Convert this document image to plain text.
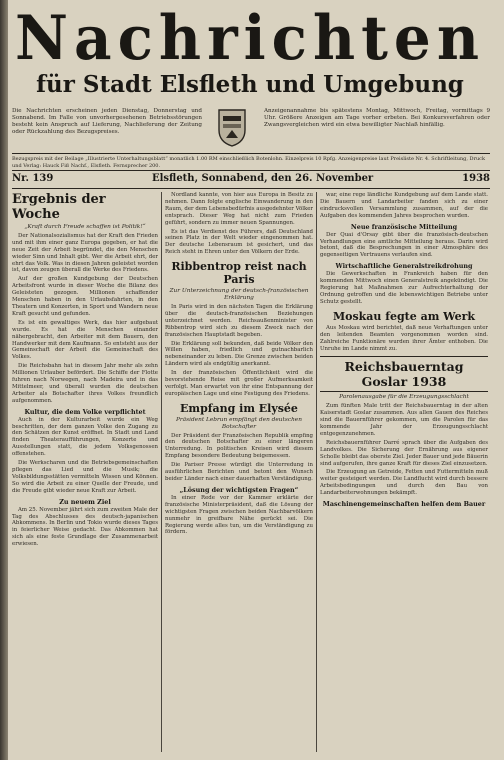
Nachrichten
für Stadt Elsfleth und Umgebung
Die Nachrichten erscheinen jeden Dienstag, Donnerstag und Sonnabend. Im Falle von unvorhergesehenen Betriebsstörungen besteht kein Anspruch auf Lieferung, Nachlieferung der Zeitung oder Rückzahlung des Bezugspreises.
Anzeigenannahme bis spätestens Montag, Mittwoch, Freitag, vormittags 9 Uhr. Größere Anzeigen am Tage vorher erbeten. Bei Konkursverfahren oder Zwangsvergleichen wird ein etwa bewilligter Nachlaß hinfällig.
Bezugspreis mit der Beilage „Illustrierte Unterhaltungsblatt“ monatlich 1.00 RM einschließlich Botenlohn. Einzelpreis 10 Rpfg. Anzeigenpreise laut Preisliste Nr. 4. Schriftleitung, Druck und Verlag: Hauck Fiß Nachf., Elsfleth. Fernsprecher 200.
Nr. 139	Elsfleth, Sonnabend, den 26. November	1938
Ergebnis der Woche
„Kraft durch Freude schaffen ist Politik!“

Der Nationalsozialismus hat der Kraft den Frieden und mit ihm einer ganz Europa gegeben, er hat die neue Zeit der Arbeit begründet, die den Menschen wieder Sinn und Inhalt gibt. Wer die Arbeit ehrt, der ehrt das Volk. Was in diesen Jahren geleistet worden ist, davon zeugen überall die Werke des Friedens.

Auf der großen Kundgebung der Deutschen Arbeitsfront wurde in dieser Woche die Bilanz des Geleisteten gezogen. Millionen schaffender Menschen haben in den Urlaubsfahrten, in den Theatern und Konzerten, in Sport und Wandern neue Kraft gesucht und gefunden.

Es ist ein gewaltiges Werk, das hier aufgebaut wurde. Es hat die Menschen einander nähergebracht, den Arbeiter mit dem Bauern, den Handwerker mit dem Kaufmann. So entsteht aus der Gemeinschaft der Arbeit die Gemeinschaft des Volkes.

Die Reichsbahn hat in diesem Jahr mehr als zehn Millionen Urlauber befördert. Die Schiffe der Flotte fuhren nach Norwegen, nach Madeira und in das Mittelmeer, und überall wurden die deutschen Arbeiter als Botschafter ihres Volkes freundlich aufgenommen.

Kultur, die dem Volke verpflichtet

Auch in der Kulturarbeit wurde ein Weg beschritten, der dem ganzen Volke den Zugang zu den Schätzen der Kunst eröffnet. In Stadt und Land finden Theateraufführungen, Konzerte und Ausstellungen statt, die jedem Volksgenossen offenstehen.

Die Werkscharen und die Betriebsgemeinschaften pflegen das Lied und die Musik; die Volksbildungsstätten vermitteln Wissen und Können. So wird die Arbeit zu einer Quelle der Freude, und die Freude gibt wieder neue Kraft zur Arbeit.

Zu neuem Ziel

Am 25. November jährt sich zum zweiten Male der Tag des Abschlusses des deutsch-japanischen Abkommens. In Berlin und Tokio wurde dieses Tages in feierlicher Weise gedacht. Das Abkommen hat sich als eine feste Grundlage der Zusammenarbeit erwiesen.

Nordland kannte, von hier aus Europa in Besitz zu nehmen. Dann folgte englische Einwanderung in den Raum, der dem Lebensbedürfnis ausgedehnter Völker entsprach. Dieser Weg hat nicht zum Frieden geführt, sondern zu immer neuen Spannungen.

Es ist das Verdienst des Führers, daß Deutschland seinen Platz in der Welt wieder eingenommen hat. Der deutsche Lebensraum ist gesichert, und das Reich steht in Ehren unter den Völkern der Erde.

Ribbentrop reist nach Paris
Zur Unterzeichnung der deutsch-französischen Erklärung

In Paris wird in den nächsten Tagen die Erklärung über die deutsch-französischen Beziehungen unterzeichnet werden. Reichsaußenminister von Ribbentrop wird sich zu diesem Zweck nach der französischen Hauptstadt begeben.

Die Erklärung soll bekunden, daß beide Völker den Willen haben, friedlich und gutnachbarlich nebeneinander zu leben. Die Grenze zwischen beiden Ländern wird als endgültig anerkannt.

In der französischen Öffentlichkeit wird die bevorstehende Reise mit großer Aufmerksamkeit verfolgt. Man erwartet von ihr eine Entspannung der europäischen Lage und eine Festigung des Friedens.

Empfang im Elysée
Präsident Lebrun empfängt den deutschen Botschafter

Der Präsident der Französischen Republik empfing den deutschen Botschafter zu einer längeren Unterredung. In politischen Kreisen wird diesem Empfang besondere Bedeutung beigemessen.

Die Pariser Presse würdigt die Unterredung in ausführlichen Berichten und betont den Wunsch beider Länder nach einer dauerhaften Verständigung.

„Lösung der wichtigsten Fragen“

In einer Rede vor der Kammer erklärte der französische Ministerpräsident, daß die Lösung der wichtigsten Fragen zwischen beiden Nachbarvölkern nunmehr in greifbare Nähe gerückt sei. Die Regierung werde alles tun, um die Verständigung zu fördern.

war, eine rege ländliche Kundgebung auf dem Lande statt. Die Bauern und Landarbeiter fanden sich zu einer eindrucksvollen Versammlung zusammen, auf der die Aufgaben des kommenden Jahres besprochen wurden.

Neue französische Mitteilung

Der Quai d'Orsay gibt über die französisch-deutschen Verhandlungen eine amtliche Mitteilung heraus. Darin wird betont, daß die Besprechungen in einer Atmosphäre des gegenseitigen Vertrauens verlaufen sind.

Wirtschaftliche Generalstreikdrohung

Die Gewerkschaften in Frankreich haben für den kommenden Mittwoch einen Generalstreik angekündigt. Die Regierung hat Maßnahmen zur Aufrechterhaltung der Ordnung getroffen und die lebenswichtigen Betriebe unter Schutz gestellt.

Moskau fegte am Werk

Aus Moskau wird berichtet, daß neue Verhaftungen unter den leitenden Beamten vorgenommen worden sind. Zahlreiche Funktionäre wurden ihrer Ämter enthoben. Die Unruhe im Lande nimmt zu.

Reichsbauerntag Goslar 1938
Parolenausgabe für die Erzeugungsschlacht

Zum fünften Male tritt der Reichsbauerntag in der alten Kaiserstadt Goslar zusammen. Aus allen Gauen des Reiches sind die Bauernführer gekommen, um die Parolen für das kommende Jahr der Erzeugungsschlacht entgegenzunehmen.

Reichsbauernführer Darré sprach über die Aufgaben des Landvolkes. Die Sicherung der Ernährung aus eigener Scholle bleibt das oberste Ziel. Jeder Bauer und jede Bäuerin sind aufgerufen, ihre ganze Kraft für dieses Ziel einzusetzen.

Die Erzeugung an Getreide, Fetten und Futtermitteln muß weiter gesteigert werden. Die Landflucht wird durch bessere Arbeitsbedingungen und durch den Bau von Landarbeiterwohnungen bekämpft.

Maschinengemeinschaften helfen dem Bauer
